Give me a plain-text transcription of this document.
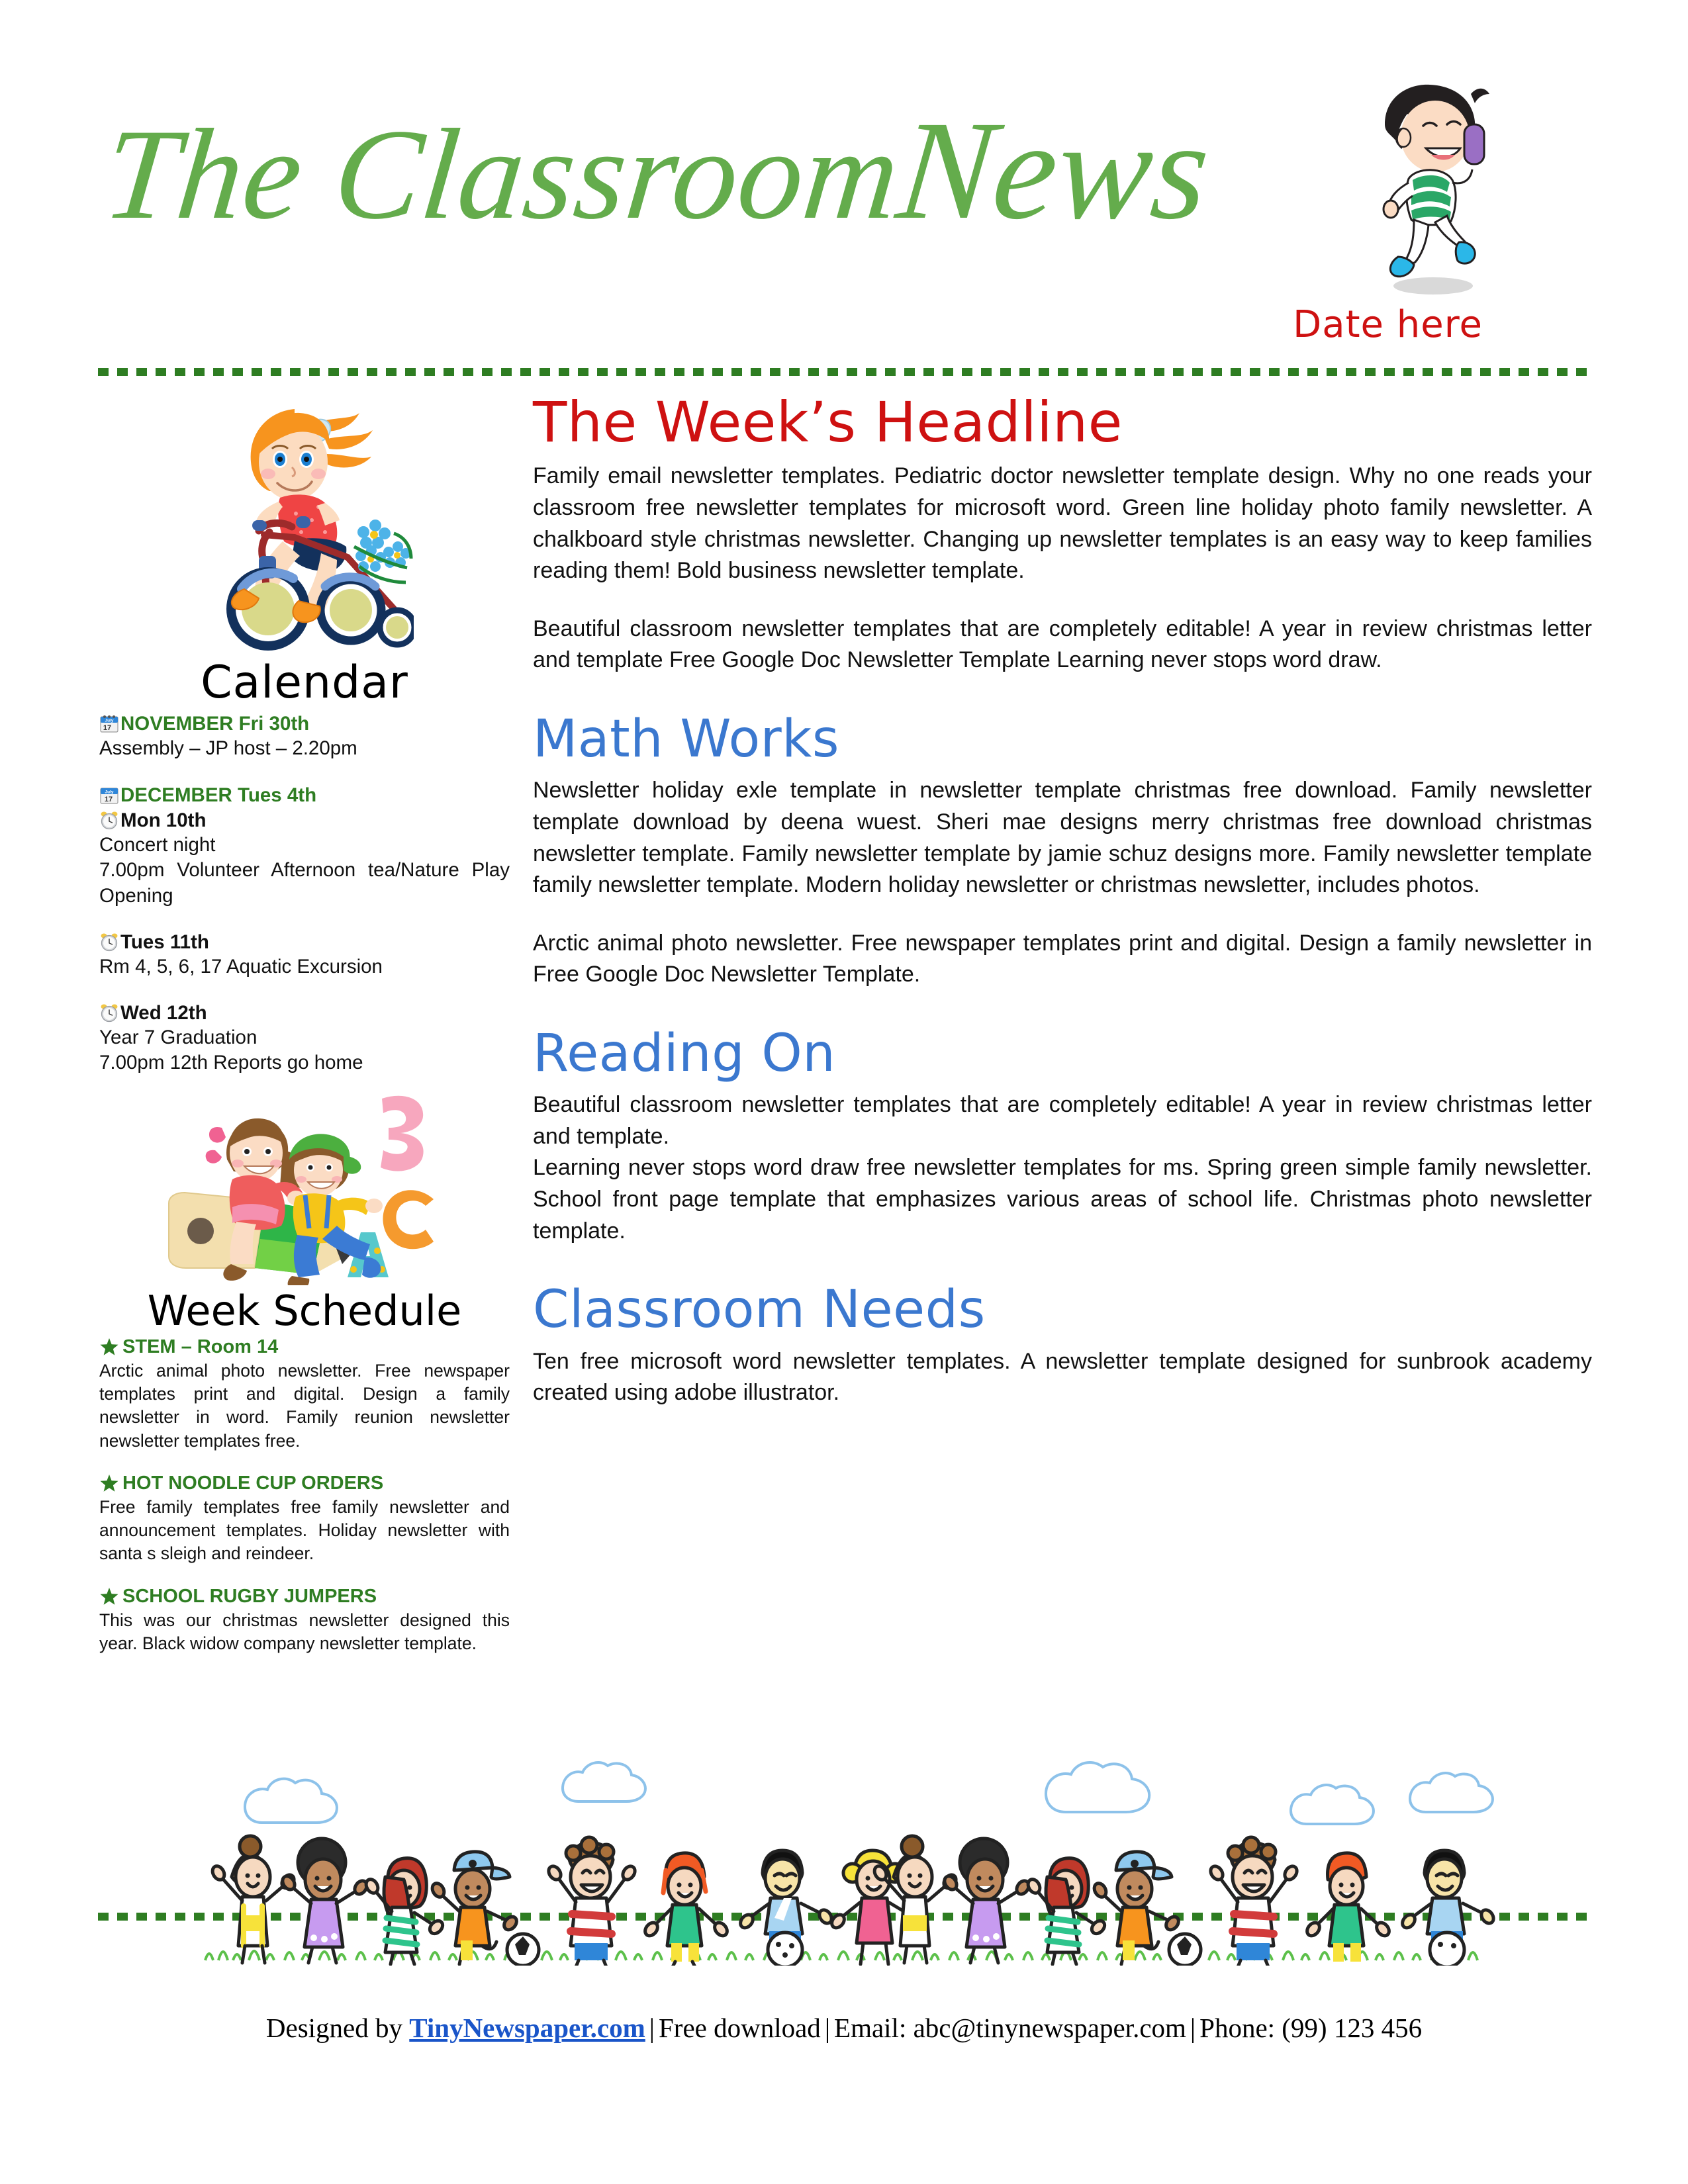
The ClassroomNews
Date here
Calendar
July
17 NOVEMBER Fri 30th
Assembly – JP host – 2.20pm
July
17 DECEMBER Tues 4th
Mon 10th
Concert night
7.00pm Volunteer Afternoon tea/Nature Play Opening
Tues 11th
Rm 4, 5, 6, 17 Aquatic Excursion
Wed 12th
Year 7 Graduation
7.00pm 12th Reports go home
Week Schedule
STEM – Room 14
Arctic animal photo newsletter. Free newspaper templates print and digital. Design a family newsletter in word. Family reunion newsletter newsletter templates free.
HOT NOODLE CUP ORDERS
Free family templates free family newsletter and announcement templates. Holiday newsletter with santa s sleigh and reindeer.
SCHOOL RUGBY JUMPERS
This was our christmas newsletter designed this year. Black widow company newsletter template.
The Week’s Headline
Family email newsletter templates. Pediatric doctor newsletter template design. Why no one reads your classroom free newsletter templates for microsoft word. Green line holiday photo family newsletter. A chalkboard style christmas newsletter. Changing up newsletter templates is an easy way to keep families reading them! Bold business newsletter template.
Beautiful classroom newsletter templates that are completely editable! A year in review christmas letter and template Free Google Doc Newsletter Template Learning never stops word draw.
Math Works
Newsletter holiday exle template in newsletter template christmas free download. Family newsletter template download by deena wuest. Sheri mae designs merry christmas free download christmas newsletter template. Family newsletter template by jamie schuz designs more. Family newsletter template family newsletter template. Modern holiday newsletter or christmas newsletter, includes photos.
Arctic animal photo newsletter. Free newspaper templates print and digital. Design a family newsletter in Free Google Doc Newsletter Template.
Reading On
Beautiful classroom newsletter templates that are completely editable! A year in review christmas letter and template.
Learning never stops word draw free newsletter templates for ms. Spring green simple family newsletter. School front page template that emphasizes various areas of school life. Christmas photo newsletter template.
Classroom Needs
Ten free microsoft word newsletter templates. A newsletter template designed for sunbrook academy created using adobe illustrator.
Designed by TinyNewspaper.com | Free download | Email: abc@tinynewspaper.com | Phone: (99) 123 456
